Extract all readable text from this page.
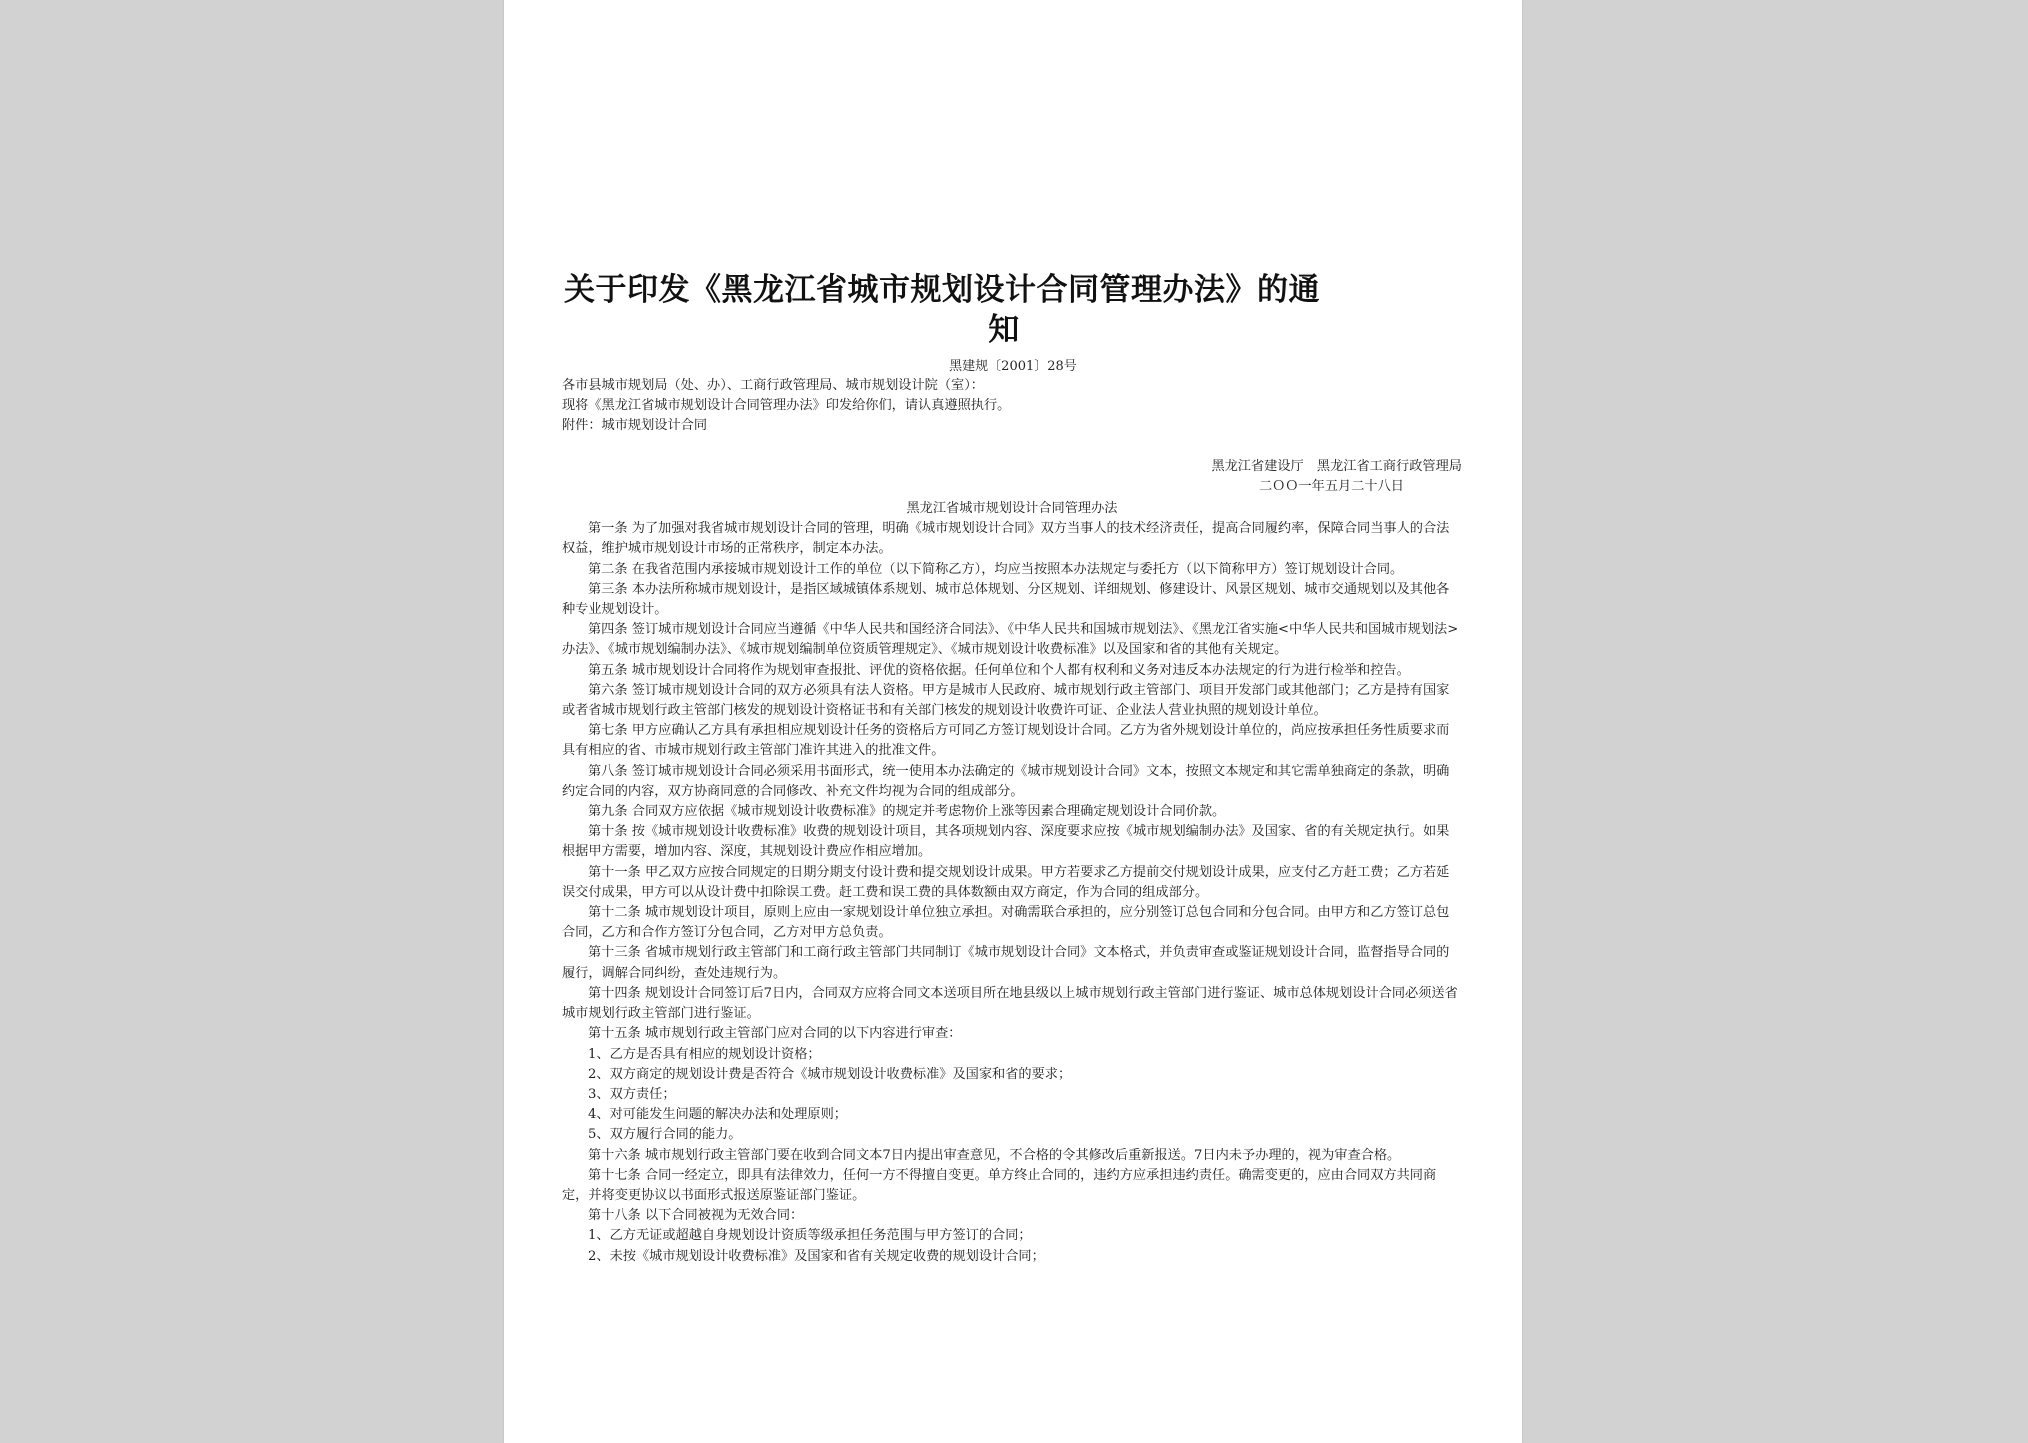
关于印发《黑龙江省城市规划设计合同管理办法》的通
知
黑建规〔2001〕28号

各市县城市规划局（处、办）、工商行政管理局、城市规划设计院（室）：

现将《黑龙江省城市规划设计合同管理办法》印发给你们，请认真遵照执行。

附件：城市规划设计合同

黑龙江省建设厅　黑龙江省工商行政管理局

二ＯＯ一年五月二十八日

黑龙江省城市规划设计合同管理办法

第一条 为了加强对我省城市规划设计合同的管理，明确《城市规划设计合同》双方当事人的技术经济责任，提高合同履约率，保障合同当事人的合法权益，维护城市规划设计市场的正常秩序，制定本办法。

第二条 在我省范围内承接城市规划设计工作的单位（以下简称乙方），均应当按照本办法规定与委托方（以下简称甲方）签订规划设计合同。

第三条 本办法所称城市规划设计，是指区域城镇体系规划、城市总体规划、分区规划、详细规划、修建设计、风景区规划、城市交通规划以及其他各种专业规划设计。

第四条 签订城市规划设计合同应当遵循《中华人民共和国经济合同法》、《中华人民共和国城市规划法》、《黑龙江省实施<中华人民共和国城市规划法>办法》、《城市规划编制办法》、《城市规划编制单位资质管理规定》、《城市规划设计收费标准》以及国家和省的其他有关规定。

第五条 城市规划设计合同将作为规划审查报批、评优的资格依据。任何单位和个人都有权利和义务对违反本办法规定的行为进行检举和控告。

第六条 签订城市规划设计合同的双方必须具有法人资格。甲方是城市人民政府、城市规划行政主管部门、项目开发部门或其他部门；乙方是持有国家或者省城市规划行政主管部门核发的规划设计资格证书和有关部门核发的规划设计收费许可证、企业法人营业执照的规划设计单位。

第七条 甲方应确认乙方具有承担相应规划设计任务的资格后方可同乙方签订规划设计合同。乙方为省外规划设计单位的，尚应按承担任务性质要求而具有相应的省、市城市规划行政主管部门准许其进入的批准文件。

第八条 签订城市规划设计合同必须采用书面形式，统一使用本办法确定的《城市规划设计合同》文本，按照文本规定和其它需单独商定的条款，明确约定合同的内容，双方协商同意的合同修改、补充文件均视为合同的组成部分。

第九条 合同双方应依据《城市规划设计收费标准》的规定并考虑物价上涨等因素合理确定规划设计合同价款。

第十条 按《城市规划设计收费标准》收费的规划设计项目，其各项规划内容、深度要求应按《城市规划编制办法》及国家、省的有关规定执行。如果根据甲方需要，增加内容、深度，其规划设计费应作相应增加。

第十一条 甲乙双方应按合同规定的日期分期支付设计费和提交规划设计成果。甲方若要求乙方提前交付规划设计成果，应支付乙方赶工费；乙方若延误交付成果，甲方可以从设计费中扣除误工费。赶工费和误工费的具体数额由双方商定，作为合同的组成部分。

第十二条 城市规划设计项目，原则上应由一家规划设计单位独立承担。对确需联合承担的，应分别签订总包合同和分包合同。由甲方和乙方签订总包合同，乙方和合作方签订分包合同，乙方对甲方总负责。

第十三条 省城市规划行政主管部门和工商行政主管部门共同制订《城市规划设计合同》文本格式，并负责审查或鉴证规划设计合同，监督指导合同的履行，调解合同纠纷，查处违规行为。

第十四条 规划设计合同签订后7日内，合同双方应将合同文本送项目所在地县级以上城市规划行政主管部门进行鉴证、城市总体规划设计合同必须送省城市规划行政主管部门进行鉴证。

第十五条 城市规划行政主管部门应对合同的以下内容进行审查：

1、乙方是否具有相应的规划设计资格；

2、双方商定的规划设计费是否符合《城市规划设计收费标准》及国家和省的要求；

3、双方责任；

4、对可能发生问题的解决办法和处理原则；

5、双方履行合同的能力。

第十六条 城市规划行政主管部门要在收到合同文本7日内提出审查意见，不合格的令其修改后重新报送。7日内未予办理的，视为审查合格。

第十七条 合同一经定立，即具有法律效力，任何一方不得擅自变更。单方终止合同的，违约方应承担违约责任。确需变更的，应由合同双方共同商定，并将变更协议以书面形式报送原鉴证部门鉴证。

第十八条 以下合同被视为无效合同：

1、乙方无证或超越自身规划设计资质等级承担任务范围与甲方签订的合同；

2、未按《城市规划设计收费标准》及国家和省有关规定收费的规划设计合同；
